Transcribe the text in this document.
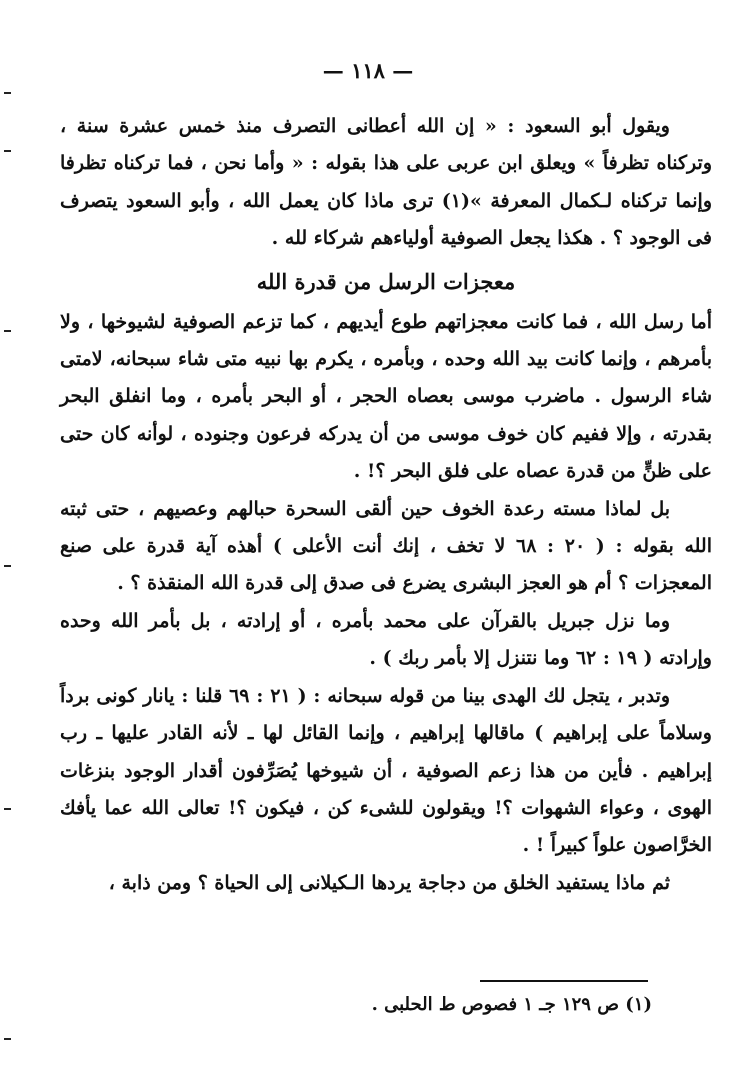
— ١١٨ —

ويقول أبو السعود : « إن الله أعطانى التصرف منذ خمس عشرة سنة ، وتركناه تظرفاً » ويعلق ابن عربى على هذا بقوله : « وأما نحن ، فما تركناه تظرفا وإنما تركناه لـكمال المعرفة »(١) ترى ماذا كان يعمل الله ، وأبو السعود يتصرف فى الوجود ؟ . هكذا يجعل الصوفية أولياءهم شركاء لله .

معجزات الرسل من قدرة الله

أما رسل الله ، فما كانت معجزاتهم طوع أيديهم ، كما تزعم الصوفية لشيوخها ، ولا بأمرهم ، وإنما كانت بيد الله وحده ، وبأمره ، يكرم بها نبيه متى شاء سبحانه، لامتى شاء الرسول . ماضرب موسى بعصاه الحجر ، أو البحر بأمره ، وما انفلق البحر بقدرته ، وإلا ففيم كان خوف موسى من أن يدركه فرعون وجنوده ، لوأنه كان حتى على ظنٍّ من قدرة عصاه على فلق البحر ؟! .

بل لماذا مسته رعدة الخوف حين ألقى السحرة حبالهم وعصيهم ، حتى ثبته الله بقوله : ( ٢٠ : ٦٨ لا تخف ، إنك أنت الأعلى ) أهذه آية قدرة على صنع المعجزات ؟ أم هو العجز البشرى يضرع فى صدق إلى قدرة الله المنقذة ؟ .

وما نزل جبريل بالقرآن على محمد بأمره ، أو إرادته ، بل بأمر الله وحده وإرادته ( ١٩ : ٦٢ وما نتنزل إلا بأمر ربك ) .

وتدبر ، يتجل لك الهدى بينا من قوله سبحانه : ( ٢١ : ٦٩ قلنا : يانار كونى برداً وسلاماً على إبراهيم ) ماقالها إبراهيم ، وإنما القائل لها ـ لأنه القادر عليها ـ رب إبراهيم . فأين من هذا زعم الصوفية ، أن شيوخها يُصَرِّفون أقدار الوجود بنزغات الهوى ، وعواء الشهوات ؟! ويقولون للشىء كن ، فيكون ؟! تعالى الله عما يأفك الخرَّاصون علواً كبيراً ! .

ثم ماذا يستفيد الخلق من دجاجة يردها الـكيلانى إلى الحياة ؟ ومن ذابة ،

(١) ص ١٢٩ جـ ١ فصوص ط الحلبى .
